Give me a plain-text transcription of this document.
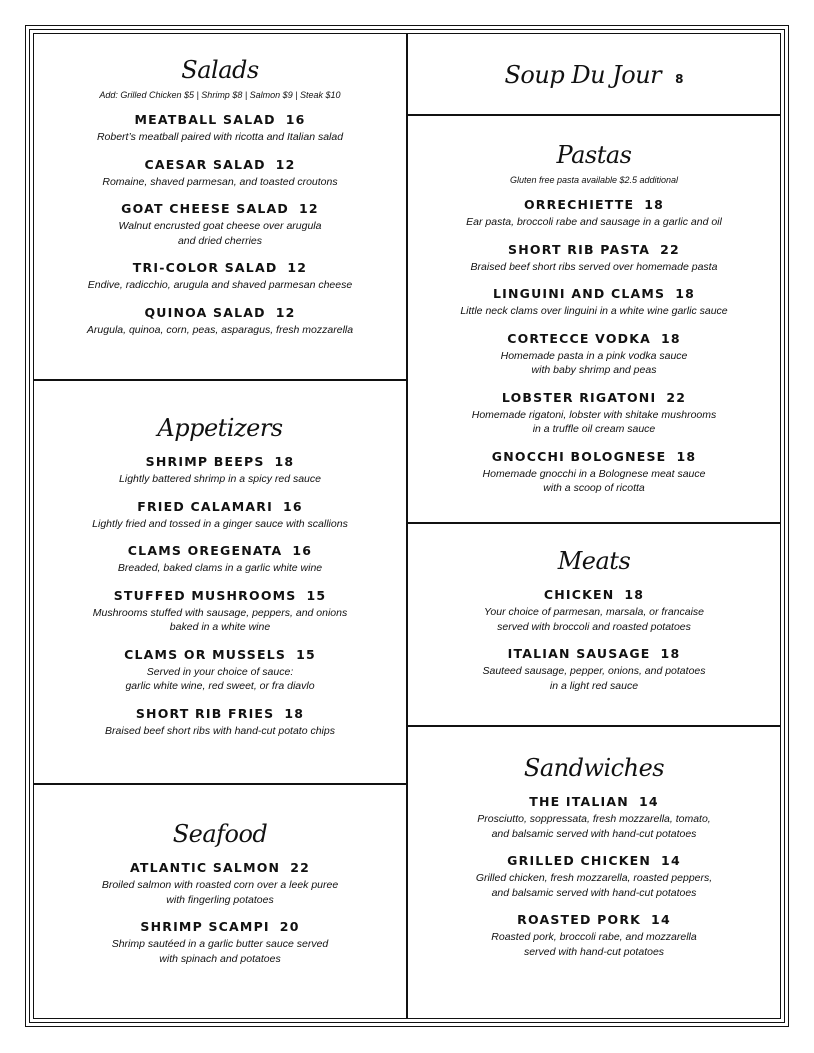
Salads
Add: Grilled Chicken $5 | Shrimp $8 | Salmon $9 | Steak $10
MEATBALL SALAD 16
Robert’s meatball paired with ricotta and Italian salad
CAESAR SALAD 12
Romaine, shaved parmesan, and toasted croutons
GOAT CHEESE SALAD 12
Walnut encrusted goat cheese over arugula
and dried cherries
TRI-COLOR SALAD 12
Endive, radicchio, arugula and shaved parmesan cheese
QUINOA SALAD 12
Arugula, quinoa, corn, peas, asparagus, fresh mozzarella
Appetizers
SHRIMP BEEPS 18
Lightly battered shrimp in a spicy red sauce
FRIED CALAMARI 16
Lightly fried and tossed in a ginger sauce with scallions
CLAMS OREGENATA 16
Breaded, baked clams in a garlic white wine
STUFFED MUSHROOMS 15
Mushrooms stuffed with sausage, peppers, and onions
baked in a white wine
CLAMS OR MUSSELS 15
Served in your choice of sauce:
garlic white wine, red sweet, or fra diavlo
SHORT RIB FRIES 18
Braised beef short ribs with hand-cut potato chips
Seafood
ATLANTIC SALMON 22
Broiled salmon with roasted corn over a leek puree
with fingerling potatoes
SHRIMP SCAMPI 20
Shrimp sautéed in a garlic butter sauce served
with spinach and potatoes
Soup Du Jour 8
Pastas
Gluten free pasta available $2.5 additional
ORRECHIETTE 18
Ear pasta, broccoli rabe and sausage in a garlic and oil
SHORT RIB PASTA 22
Braised beef short ribs served over homemade pasta
LINGUINI AND CLAMS 18
Little neck clams over linguini in a white wine garlic sauce
CORTECCE VODKA 18
Homemade pasta in a pink vodka sauce
with baby shrimp and peas
LOBSTER RIGATONI 22
Homemade rigatoni, lobster with shitake mushrooms
in a truffle oil cream sauce
GNOCCHI BOLOGNESE 18
Homemade gnocchi in a Bolognese meat sauce
with a scoop of ricotta
Meats
CHICKEN 18
Your choice of parmesan, marsala, or francaise
served with broccoli and roasted potatoes
ITALIAN SAUSAGE 18
Sauteed sausage, pepper, onions, and potatoes
in a light red sauce
Sandwiches
THE ITALIAN 14
Prosciutto, soppressata, fresh mozzarella, tomato,
and balsamic served with hand-cut potatoes
GRILLED CHICKEN 14
Grilled chicken, fresh mozzarella, roasted peppers,
and balsamic served with hand-cut potatoes
ROASTED PORK 14
Roasted pork, broccoli rabe, and mozzarella
served with hand-cut potatoes
